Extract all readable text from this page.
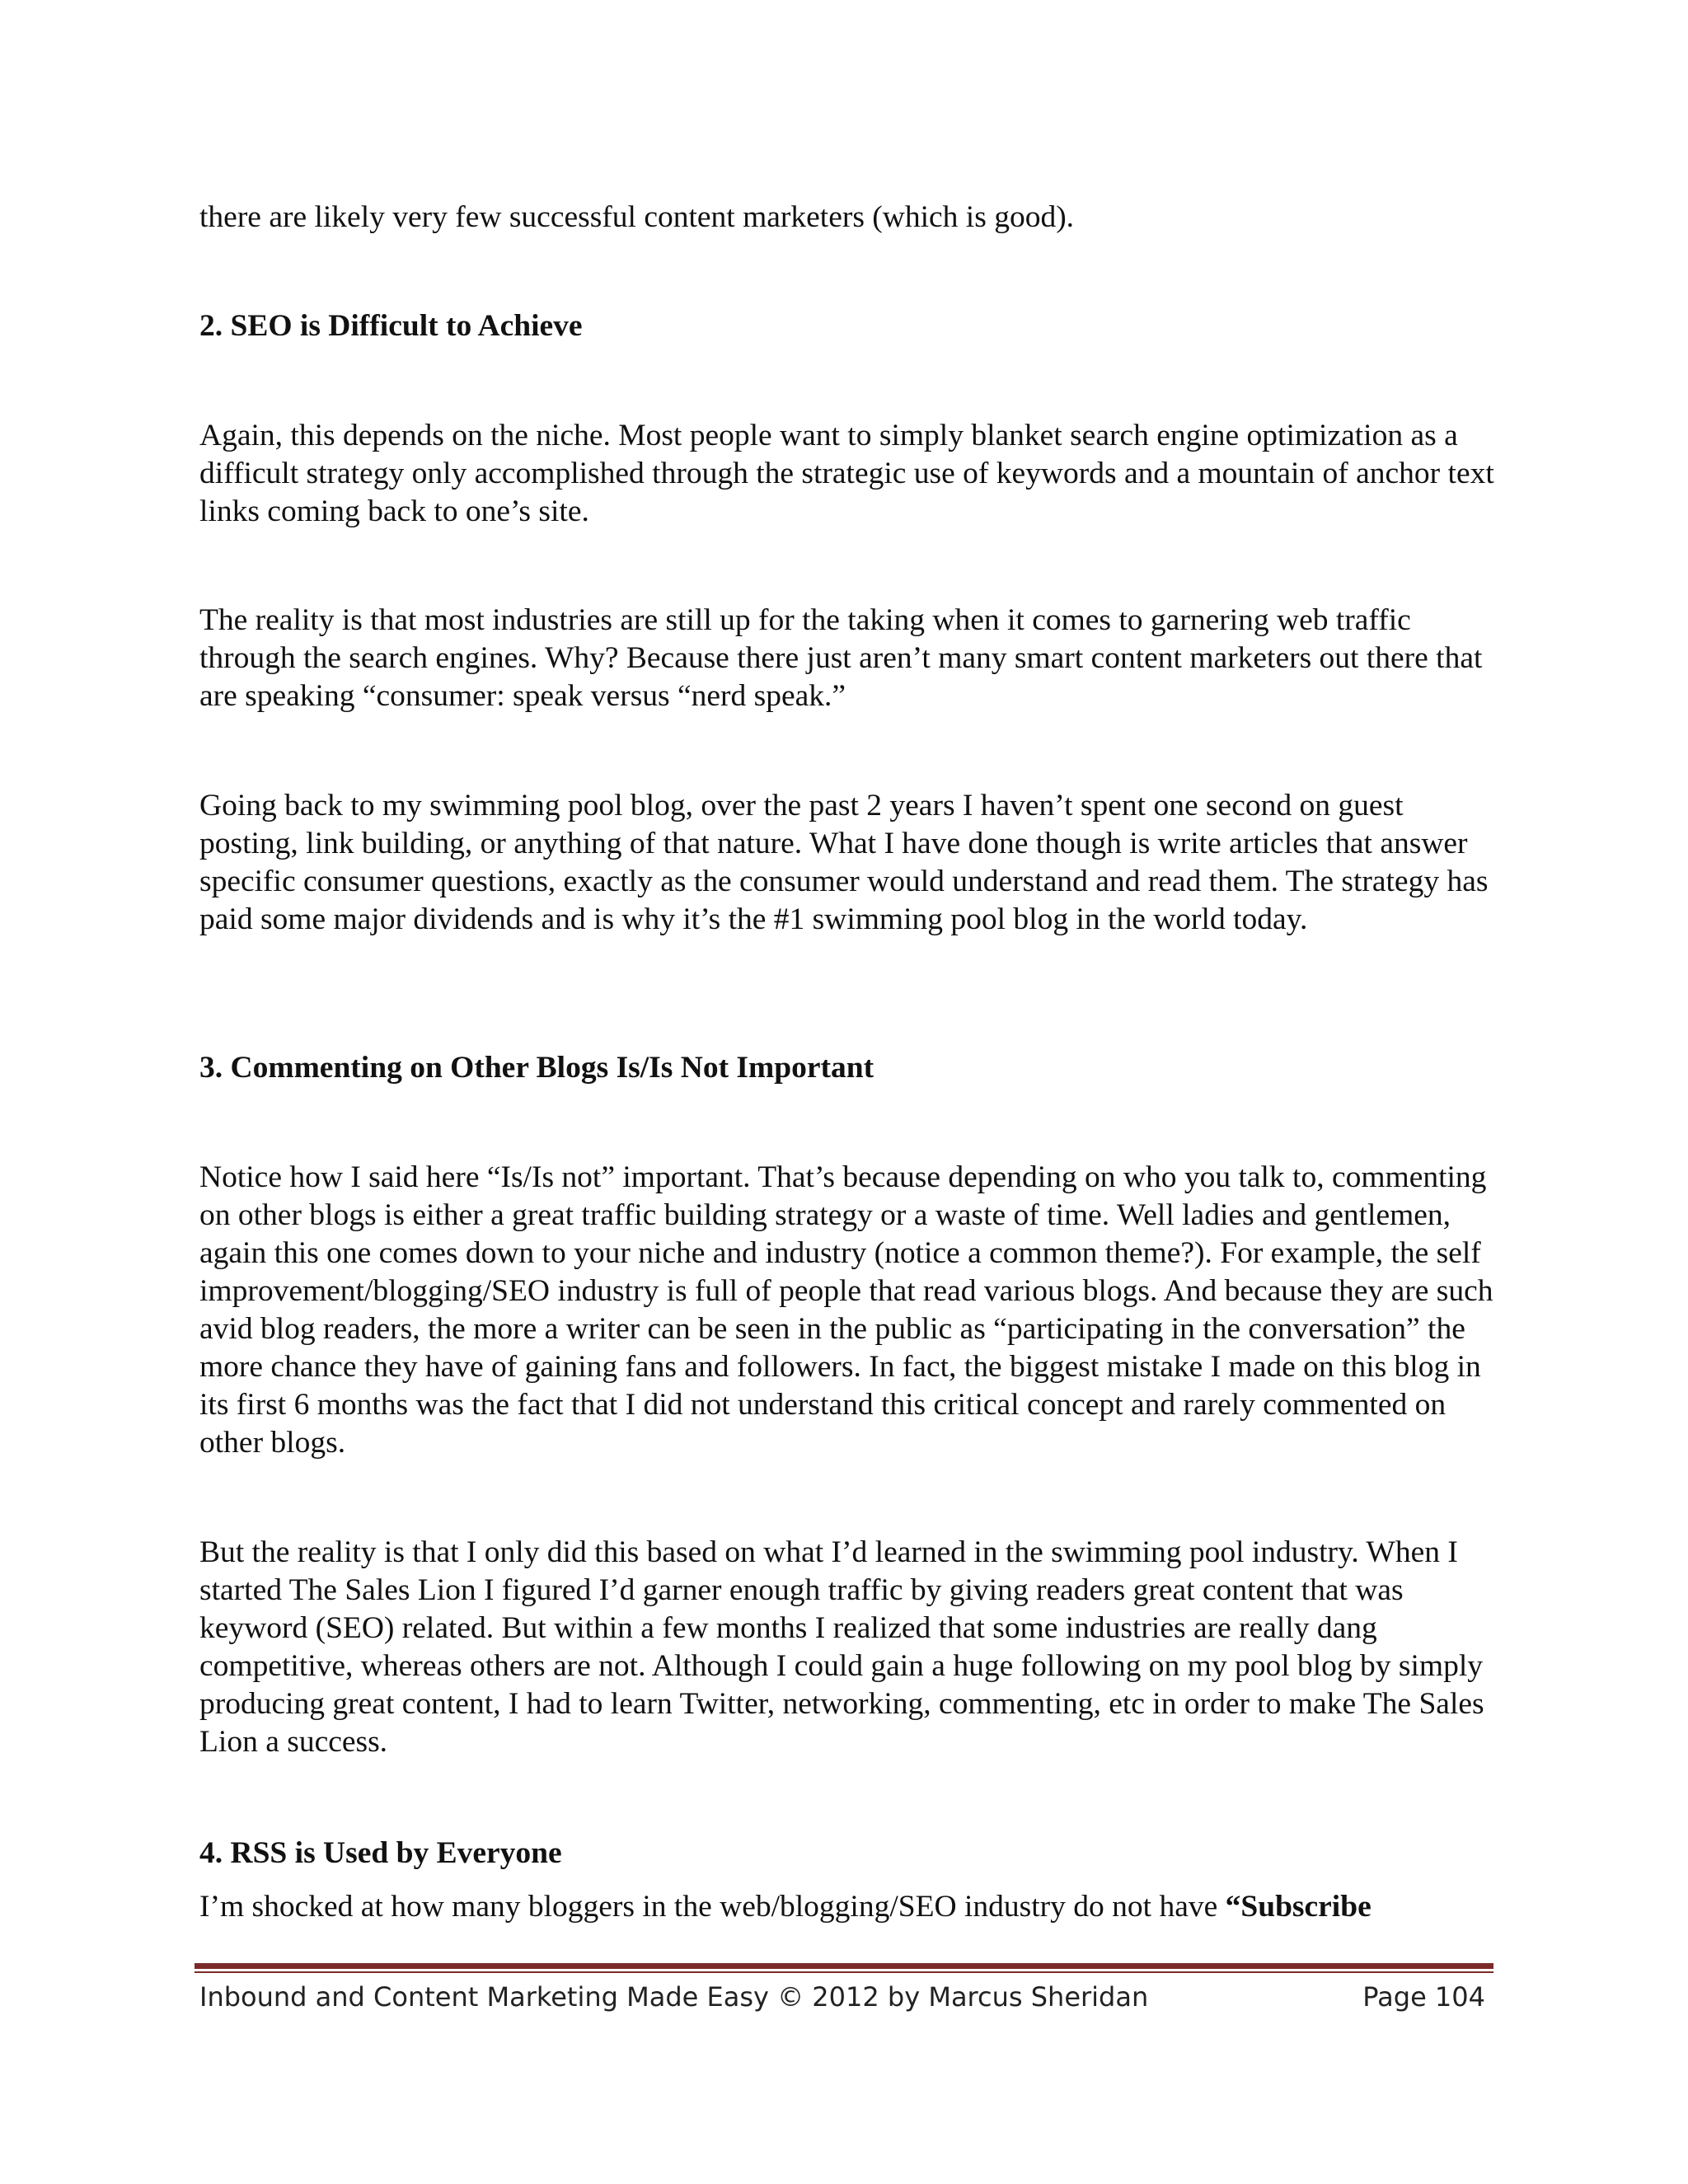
there are likely very few successful content marketers (which is good).

2. SEO is Difficult to Achieve

Again, this depends on the niche. Most people want to simply blanket search engine optimization as a difficult strategy only accomplished through the strategic use of keywords and a mountain of anchor text links coming back to one’s site.

The reality is that most industries are still up for the taking when it comes to garnering web traffic through the search engines. Why? Because there just aren’t many smart content marketers out there that are speaking “consumer: speak versus “nerd speak.”

Going back to my swimming pool blog, over the past 2 years I haven’t spent one second on guest posting, link building, or anything of that nature. What I have done though is write articles that answer specific consumer questions, exactly as the consumer would understand and read them. The strategy has paid some major dividends and is why it’s the #1 swimming pool blog in the world today.

3. Commenting on Other Blogs Is/Is Not Important

Notice how I said here “Is/Is not” important. That’s because depending on who you talk to, commenting on other blogs is either a great traffic building strategy or a waste of time. Well ladies and gentlemen, again this one comes down to your niche and industry (notice a common theme?). For example, the self improvement/blogging/SEO industry is full of people that read various blogs. And because they are such avid blog readers, the more a writer can be seen in the public as “participating in the conversation” the more chance they have of gaining fans and followers. In fact, the biggest mistake I made on this blog in its first 6 months was the fact that I did not understand this critical concept and rarely commented on other blogs.

But the reality is that I only did this based on what I’d learned in the swimming pool industry. When I started The Sales Lion I figured I’d garner enough traffic by giving readers great content that was keyword (SEO) related. But within a few months I realized that some industries are really dang competitive, whereas others are not. Although I could gain a huge following on my pool blog by simply producing great content, I had to learn Twitter, networking, commenting, etc in order to make The Sales Lion a success.

4. RSS is Used by Everyone

I’m shocked at how many bloggers in the web/blogging/SEO industry do not have “Subscribe

Inbound and Content Marketing Made Easy © 2012 by Marcus Sheridan	Page 104
